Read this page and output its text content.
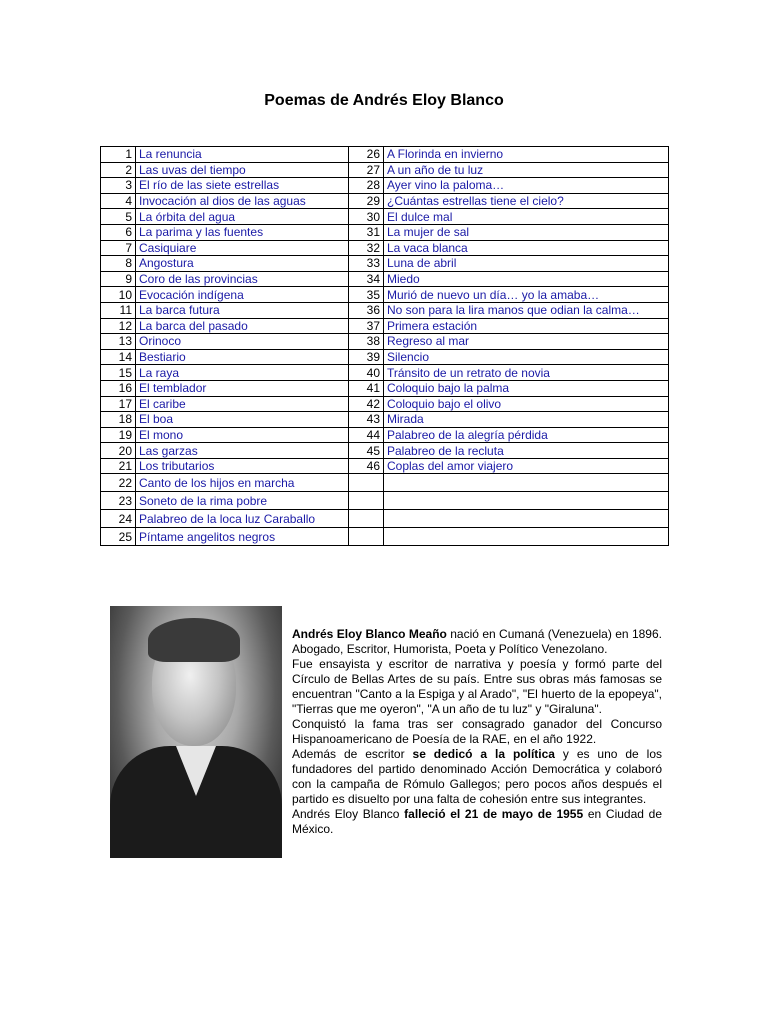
Poemas de Andrés Eloy Blanco
1	La renuncia	26	A Florinda en invierno
2	Las uvas del tiempo	27	A un año de tu luz
3	El río de las siete estrellas	28	Ayer vino la paloma…
4	Invocación al dios de las aguas	29	¿Cuántas estrellas tiene el cielo?
5	La órbita del agua	30	El dulce mal
6	La parima y las fuentes	31	La mujer de sal
7	Casiquiare	32	La vaca blanca
8	Angostura	33	Luna de abril
9	Coro de las provincias	34	Miedo
10	Evocación indígena	35	Murió de nuevo un día… yo la amaba…
11	La barca futura	36	No son para la lira manos que odian la calma…
12	La barca del pasado	37	Primera estación
13	Orinoco	38	Regreso al mar
14	Bestiario	39	Silencio
15	La raya	40	Tránsito de un retrato de novia
16	El temblador	41	Coloquio bajo la palma
17	El caribe	42	Coloquio bajo el olivo
18	El boa	43	Mirada
19	El mono	44	Palabreo de la alegría pérdida
20	Las garzas	45	Palabreo de la recluta
21	Los tributarios	46	Coplas del amor viajero
22	Canto de los hijos en marcha		
23	Soneto de la rima pobre		
24	Palabreo de la loca luz Caraballo		
25	Píntame angelitos negros		

Andrés Eloy Blanco Meaño nació en Cumaná (Venezuela) en 1896. Abogado, Escritor, Humorista, Poeta y Político Venezolano.

Fue ensayista y escritor de narrativa y poesía y formó parte del Círculo de Bellas Artes de su país. Entre sus obras más famosas se encuentran "Canto a la Espiga y al Arado", "El huerto de la epopeya", "Tierras que me oyeron", "A un año de tu luz" y "Giraluna".

Conquistó la fama tras ser consagrado ganador del Concurso Hispanoamericano de Poesía de la RAE, en el año 1922.

Además de escritor se dedicó a la política y es uno de los fundadores del partido denominado Acción Democrática y colaboró con la campaña de Rómulo Gallegos; pero pocos años después el partido es disuelto por una falta de cohesión entre sus integrantes.

Andrés Eloy Blanco falleció el 21 de mayo de 1955 en Ciudad de México.
